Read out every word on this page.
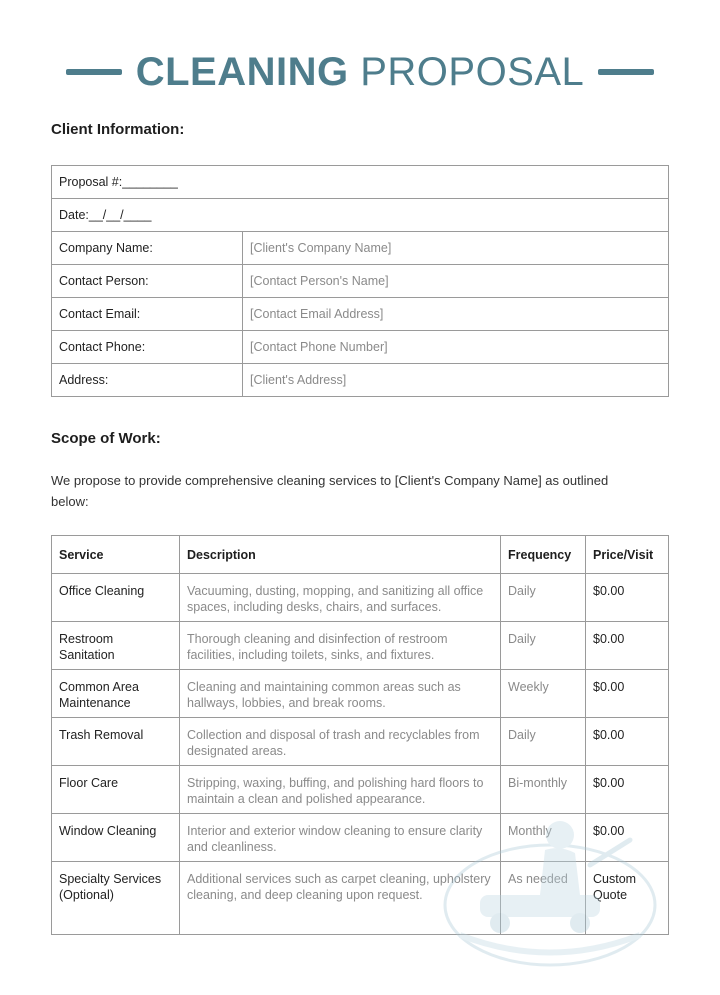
CLEANING PROPOSAL
Client Information:
Proposal #:________	
Date:__/__/____	
Company Name:	[Client's Company Name]
Contact Person:	[Contact Person's Name]
Contact Email:	[Contact Email Address]
Contact Phone:	[Contact Phone Number]
Address:	[Client's Address]
Scope of Work:
We propose to provide comprehensive cleaning services to [Client's Company Name] as outlined below:
Service	Description	Frequency	Price/Visit
Office Cleaning	Vacuuming, dusting, mopping, and sanitizing all office spaces, including desks, chairs, and surfaces.	Daily	$0.00
Restroom Sanitation	Thorough cleaning and disinfection of restroom facilities, including toilets, sinks, and fixtures.	Daily	$0.00
Common Area Maintenance	Cleaning and maintaining common areas such as hallways, lobbies, and break rooms.	Weekly	$0.00
Trash Removal	Collection and disposal of trash and recyclables from designated areas.	Daily	$0.00
Floor Care	Stripping, waxing, buffing, and polishing hard floors to maintain a clean and polished appearance.	Bi-monthly	$0.00
Window Cleaning	Interior and exterior window cleaning to ensure clarity and cleanliness.	Monthly	$0.00
Specialty Services (Optional)	Additional services such as carpet cleaning, upholstery cleaning, and deep cleaning upon request.	As needed	Custom Quote
